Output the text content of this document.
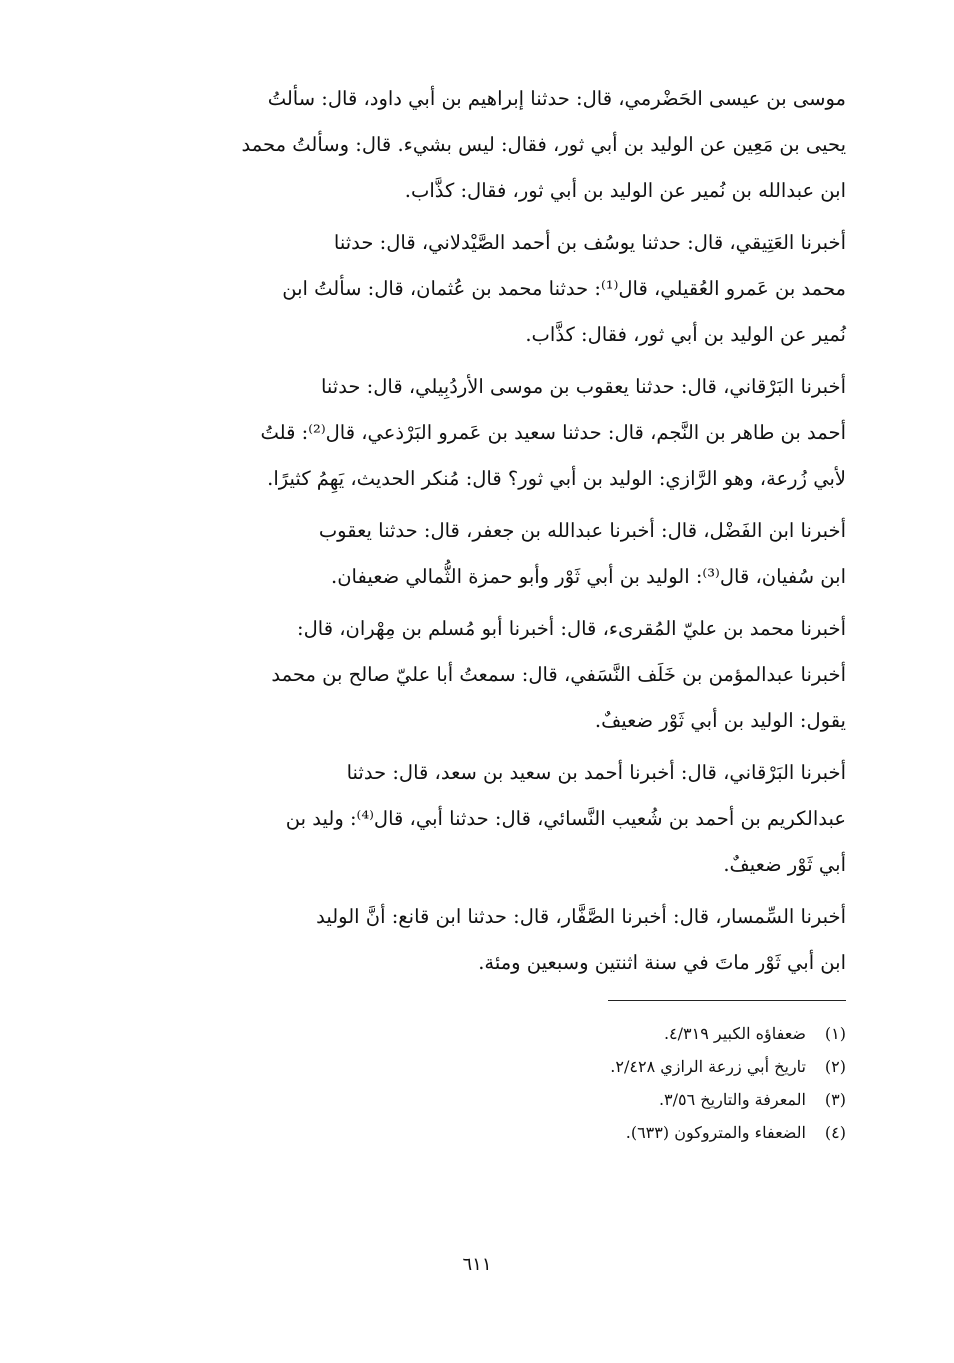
موسى بن عيسى الحَضْرمي، قال: حدثنا إبراهيم بن أبي داود، قال: سألتُ
يحيى بن مَعِين عن الوليد بن أبي ثور، فقال: ليس بشيء. قال: وسألتُ محمد
ابن عبدالله بن نُمير عن الوليد بن أبي ثور، فقال: كذَّاب.
أخبرنا العَتِيقي، قال: حدثنا يوسُف بن أحمد الصَّيْدلاني، قال: حدثنا
محمد بن عَمرو العُقيلي، قال⁽¹⁾: حدثنا محمد بن عُثمان، قال: سألتُ ابن
نُمير عن الوليد بن أبي ثور، فقال: كذَّاب.
أخبرنا البَرْقاني، قال: حدثنا يعقوب بن موسى الأردُبِيلي، قال: حدثنا
أحمد بن طاهر بن النَّجم، قال: حدثنا سعيد بن عَمرو البَرْذعي، قال⁽²⁾: قلتُ
لأبي زُرعة، وهو الرَّازي: الوليد بن أبي ثور؟ قال: مُنكر الحديث، يَهِمُ كثيرًا.
أخبرنا ابن الفَضْل، قال: أخبرنا عبدالله بن جعفر، قال: حدثنا يعقوب
ابن سُفيان، قال⁽³⁾: الوليد بن أبي ثَوْر وأبو حمزة الثُّمالي ضعيفان.
أخبرنا محمد بن عليّ المُقرىء، قال: أخبرنا أبو مُسلم بن مِهْران، قال:
أخبرنا عبدالمؤمن بن خَلَف النَّسَفي، قال: سمعتُ أبا عليّ صالح بن محمد
يقول: الوليد بن أبي ثَوْر ضعيفٌ.
أخبرنا البَرْقاني، قال: أخبرنا أحمد بن سعيد بن سعد، قال: حدثنا
عبدالكريم بن أحمد بن شُعيب النَّسائي، قال: حدثنا أبي، قال⁽⁴⁾: وليد بن
أبي ثَوْر ضعيفٌ.
أخبرنا السِّمسار، قال: أخبرنا الصَّفَّار، قال: حدثنا ابن قانع: أنَّ الوليد
ابن أبي ثَوْر ماتَ في سنة اثنتين وسبعين ومئة.
(١)ضعفاؤه الكبير ٤/٣١٩.
(٢)تاريخ أبي زرعة الرازي ٢/٤٢٨.
(٣)المعرفة والتاريخ ٣/٥٦.
(٤)الضعفاء والمتروكون (٦٣٣).
٦١١
